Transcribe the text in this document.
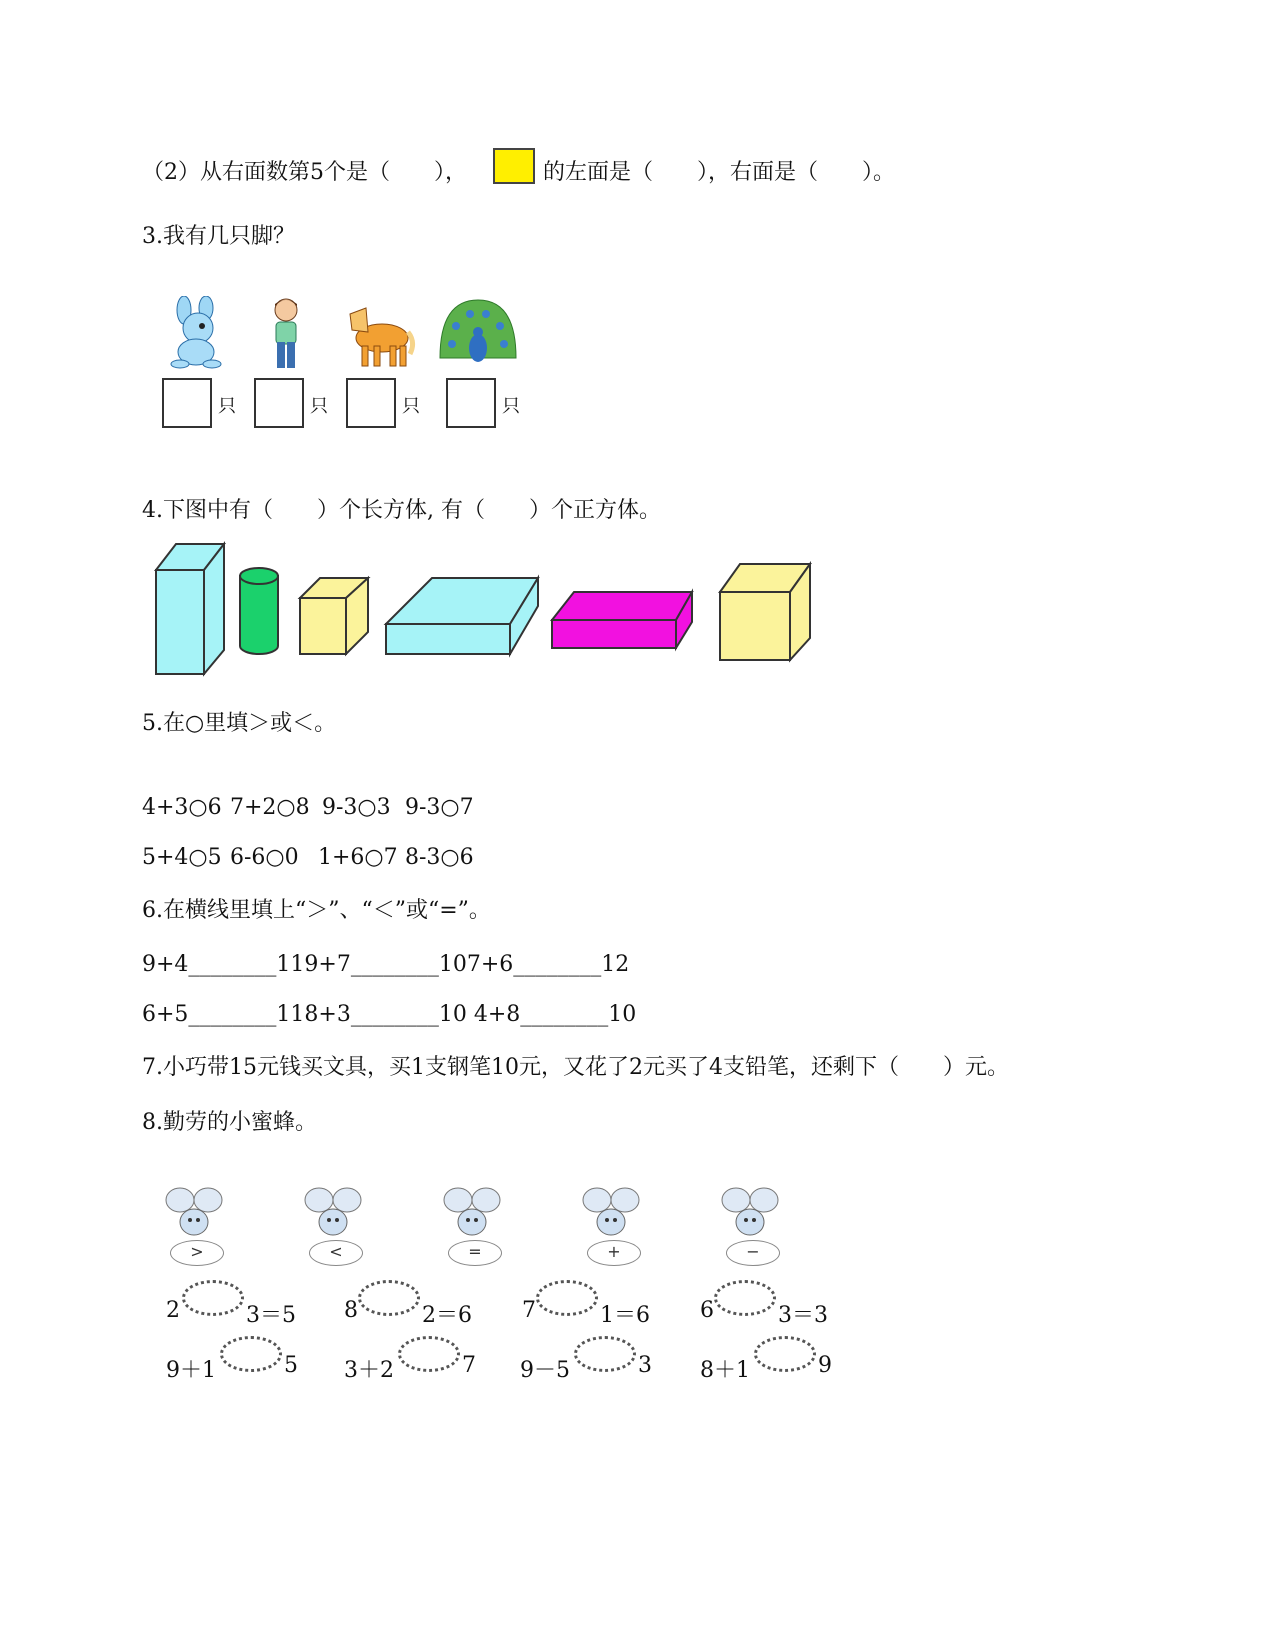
（2）从右面数第5个是（　　），	的左面是（　　），右面是（　　）。
3.我有几只脚？
只	只	只	只
4.下图中有（　　）个长方体, 有（　　）个正方体。
5.在○里填＞或＜。
4+3○6 7+2○8 9-3○3 9-3○7
5+4○5 6-6○0 1+6○7 8-3○6
6.在横线里填上“＞”、“＜”或“=”。
9+4________119+7________107+6________12
6+5________118+3________10 4+8________10
7.小巧带15元钱买文具，买1支钢笔10元，又花了2元买了4支铅笔，还剩下（　　）元。
8.勤劳的小蜜蜂。
>	<	=	+	−
2	3＝5 8	2＝6 7	1＝6 6	3＝3
9＋1	5 3＋2	7 9－5	3 8＋1	9
